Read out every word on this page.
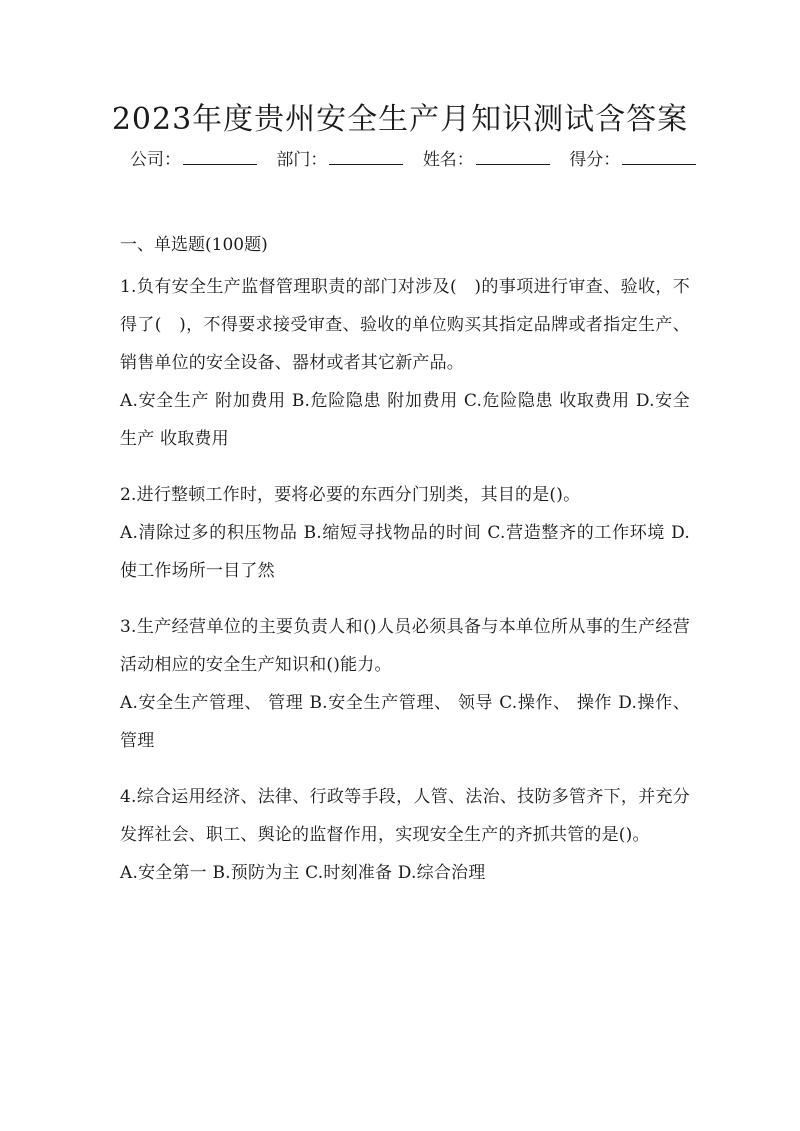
2023年度贵州安全生产月知识测试含答案
公司：	部门：	姓名：	得分：
一、单选题(100题)
1.负有安全生产监督管理职责的部门对涉及(　)的事项进行审查、验收，不得了(　)，不得要求接受审查、验收的单位购买其指定品牌或者指定生产、销售单位的安全设备、器材或者其它新产品。
A.安全生产 附加费用 B.危险隐患 附加费用 C.危险隐患 收取费用 D.安全生产 收取费用
2.进行整顿工作时，要将必要的东西分门别类，其目的是()。
A.清除过多的积压物品 B.缩短寻找物品的时间 C.营造整齐的工作环境 D.使工作场所一目了然
3.生产经营单位的主要负责人和()人员必须具备与本单位所从事的生产经营活动相应的安全生产知识和()能力。
A.安全生产管理、 管理 B.安全生产管理、 领导 C.操作、 操作 D.操作、 管理
4.综合运用经济、法律、行政等手段，人管、法治、技防多管齐下，并充分发挥社会、职工、舆论的监督作用，实现安全生产的齐抓共管的是()。
A.安全第一 B.预防为主 C.时刻准备 D.综合治理
